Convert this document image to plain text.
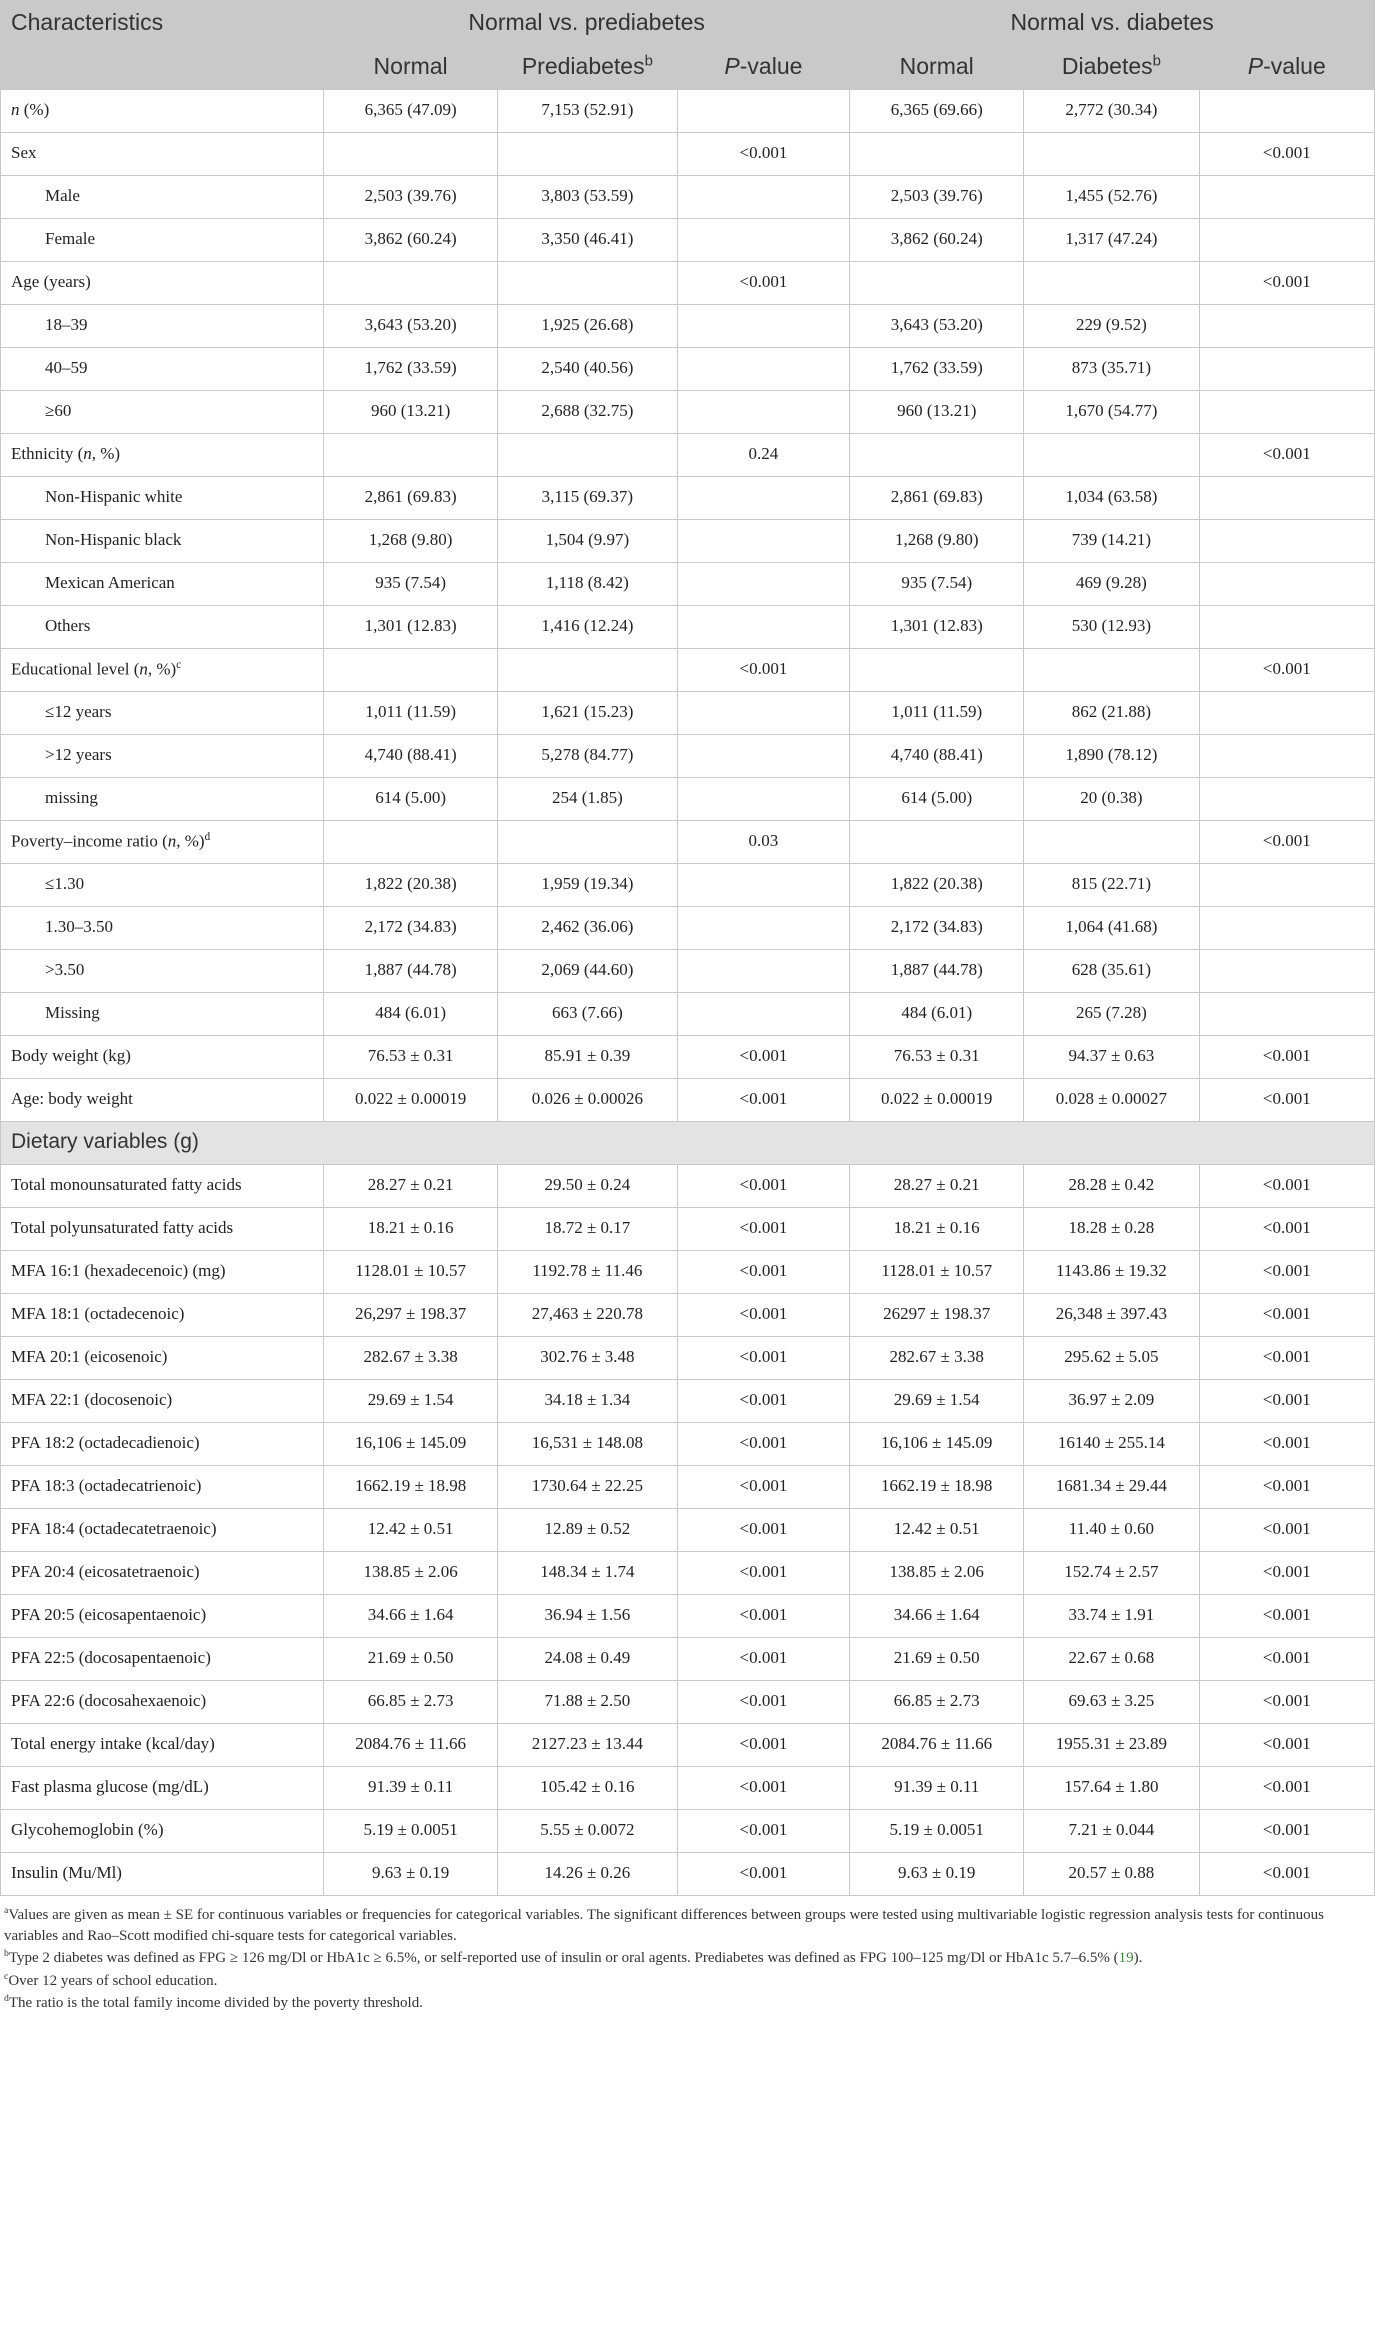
Characteristics	Normal vs. prediabetes			Normal vs. diabetes		
	Normal	Prediabetes$^b$	P-value	Normal	Diabetes$^b$	P-value
n (%)	6,365 (47.09)	7,153 (52.91)		6,365 (69.66)	2,772 (30.34)	
Sex			<0.001			<0.001
Male	2,503 (39.76)	3,803 (53.59)		2,503 (39.76)	1,455 (52.76)	
Female	3,862 (60.24)	3,350 (46.41)		3,862 (60.24)	1,317 (47.24)	
Age (years)			<0.001			<0.001
18–39	3,643 (53.20)	1,925 (26.68)		3,643 (53.20)	229 (9.52)	
40–59	1,762 (33.59)	2,540 (40.56)		1,762 (33.59)	873 (35.71)	
≥60	960 (13.21)	2,688 (32.75)		960 (13.21)	1,670 (54.77)	
Ethnicity (n, %)			0.24			<0.001
Non-Hispanic white	2,861 (69.83)	3,115 (69.37)		2,861 (69.83)	1,034 (63.58)	
Non-Hispanic black	1,268 (9.80)	1,504 (9.97)		1,268 (9.80)	739 (14.21)	
Mexican American	935 (7.54)	1,118 (8.42)		935 (7.54)	469 (9.28)	
Others	1,301 (12.83)	1,416 (12.24)		1,301 (12.83)	530 (12.93)	
Educational level (n, %)$^c$			<0.001			<0.001
≤12 years	1,011 (11.59)	1,621 (15.23)		1,011 (11.59)	862 (21.88)	
>12 years	4,740 (88.41)	5,278 (84.77)		4,740 (88.41)	1,890 (78.12)	
missing	614 (5.00)	254 (1.85)		614 (5.00)	20 (0.38)	
Poverty–income ratio (n, %)$^d$			0.03			<0.001
≤1.30	1,822 (20.38)	1,959 (19.34)		1,822 (20.38)	815 (22.71)	
1.30–3.50	2,172 (34.83)	2,462 (36.06)		2,172 (34.83)	1,064 (41.68)	
>3.50	1,887 (44.78)	2,069 (44.60)		1,887 (44.78)	628 (35.61)	
Missing	484 (6.01)	663 (7.66)		484 (6.01)	265 (7.28)	
Body weight (kg)	76.53 ± 0.31	85.91 ± 0.39	<0.001	76.53 ± 0.31	94.37 ± 0.63	<0.001
Age: body weight	0.022 ± 0.00019	0.026 ± 0.00026	<0.001	0.022 ± 0.00019	0.028 ± 0.00027	<0.001
Dietary variables (g)						
Total monounsaturated fatty acids	28.27 ± 0.21	29.50 ± 0.24	<0.001	28.27 ± 0.21	28.28 ± 0.42	<0.001
Total polyunsaturated fatty acids	18.21 ± 0.16	18.72 ± 0.17	<0.001	18.21 ± 0.16	18.28 ± 0.28	<0.001
MFA 16:1 (hexadecenoic) (mg)	1128.01 ± 10.57	1192.78 ± 11.46	<0.001	1128.01 ± 10.57	1143.86 ± 19.32	<0.001
MFA 18:1 (octadecenoic)	26,297 ± 198.37	27,463 ± 220.78	<0.001	26297 ± 198.37	26,348 ± 397.43	<0.001
MFA 20:1 (eicosenoic)	282.67 ± 3.38	302.76 ± 3.48	<0.001	282.67 ± 3.38	295.62 ± 5.05	<0.001
MFA 22:1 (docosenoic)	29.69 ± 1.54	34.18 ± 1.34	<0.001	29.69 ± 1.54	36.97 ± 2.09	<0.001
PFA 18:2 (octadecadienoic)	16,106 ± 145.09	16,531 ± 148.08	<0.001	16,106 ± 145.09	16140 ± 255.14	<0.001
PFA 18:3 (octadecatrienoic)	1662.19 ± 18.98	1730.64 ± 22.25	<0.001	1662.19 ± 18.98	1681.34 ± 29.44	<0.001
PFA 18:4 (octadecatetraenoic)	12.42 ± 0.51	12.89 ± 0.52	<0.001	12.42 ± 0.51	11.40 ± 0.60	<0.001
PFA 20:4 (eicosatetraenoic)	138.85 ± 2.06	148.34 ± 1.74	<0.001	138.85 ± 2.06	152.74 ± 2.57	<0.001
PFA 20:5 (eicosapentaenoic)	34.66 ± 1.64	36.94 ± 1.56	<0.001	34.66 ± 1.64	33.74 ± 1.91	<0.001
PFA 22:5 (docosapentaenoic)	21.69 ± 0.50	24.08 ± 0.49	<0.001	21.69 ± 0.50	22.67 ± 0.68	<0.001
PFA 22:6 (docosahexaenoic)	66.85 ± 2.73	71.88 ± 2.50	<0.001	66.85 ± 2.73	69.63 ± 3.25	<0.001
Total energy intake (kcal/day)	2084.76 ± 11.66	2127.23 ± 13.44	<0.001	2084.76 ± 11.66	1955.31 ± 23.89	<0.001
Fast plasma glucose (mg/dL)	91.39 ± 0.11	105.42 ± 0.16	<0.001	91.39 ± 0.11	157.64 ± 1.80	<0.001
Glycohemoglobin (%)	5.19 ± 0.0051	5.55 ± 0.0072	<0.001	5.19 ± 0.0051	7.21 ± 0.044	<0.001
Insulin (Mu/Ml)	9.63 ± 0.19	14.26 ± 0.26	<0.001	9.63 ± 0.19	20.57 ± 0.88	<0.001

$^a$Values are given as mean ± SE for continuous variables or frequencies for categorical variables. The significant differences between groups were tested using multivariable logistic regression analysis tests for continuous variables and Rao–Scott modified chi-square tests for categorical variables.

$^b$Type 2 diabetes was defined as FPG ≥ 126 mg/Dl or HbA1c ≥ 6.5%, or self-reported use of insulin or oral agents. Prediabetes was defined as FPG 100–125 mg/Dl or HbA1c 5.7–6.5% (19).

$^c$Over 12 years of school education.

$^d$The ratio is the total family income divided by the poverty threshold.
